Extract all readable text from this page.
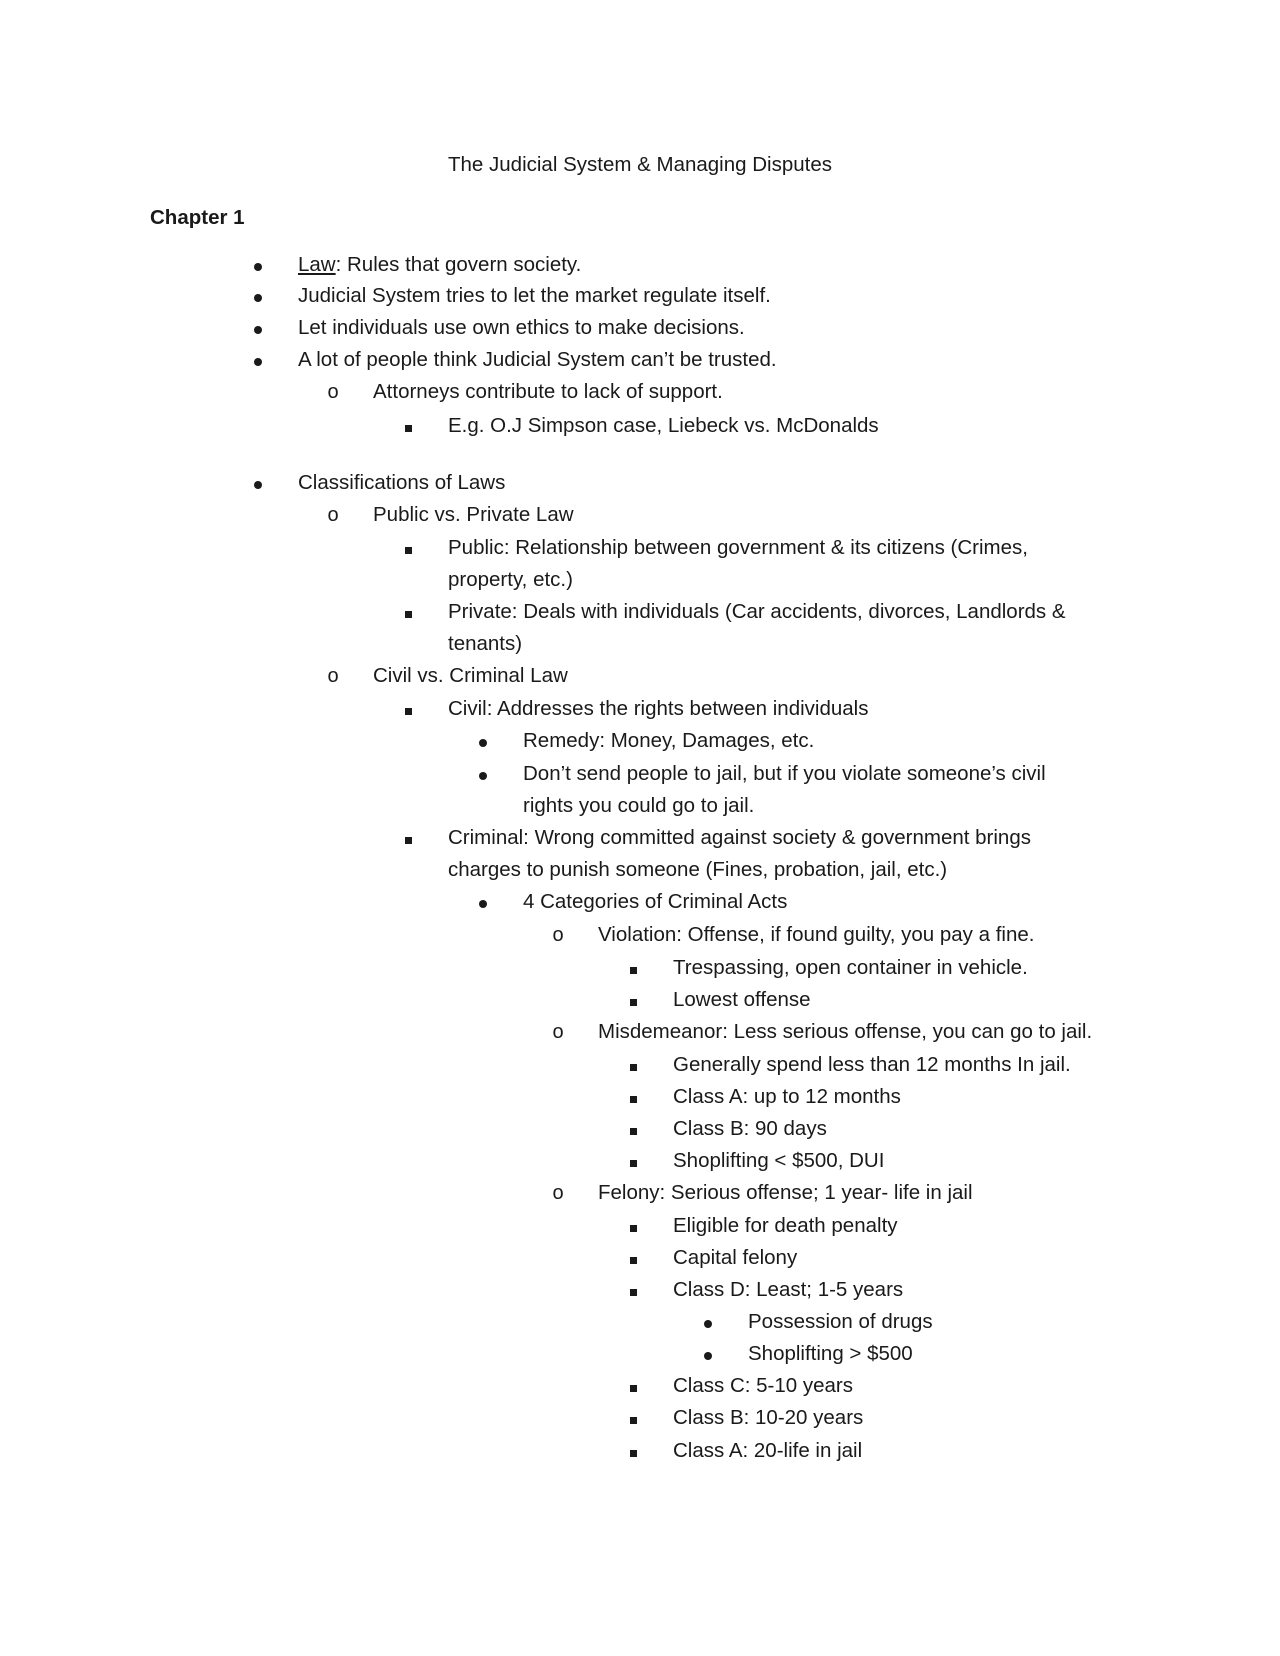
The Judicial System & Managing Disputes
Chapter 1
Law: Rules that govern society.
Judicial System tries to let the market regulate itself.
Let individuals use own ethics to make decisions.
A lot of people think Judicial System can’t be trusted.
o Attorneys contribute to lack of support.
E.g. O.J Simpson case, Liebeck vs. McDonalds
Classifications of Laws
o Public vs. Private Law
Public: Relationship between government & its citizens (Crimes,
property, etc.)
Private: Deals with individuals (Car accidents, divorces, Landlords &
tenants)
o Civil vs. Criminal Law
Civil: Addresses the rights between individuals
Remedy: Money, Damages, etc.
Don’t send people to jail, but if you violate someone’s civil
rights you could go to jail.
Criminal: Wrong committed against society & government brings
charges to punish someone (Fines, probation, jail, etc.)
4 Categories of Criminal Acts
o Violation: Offense, if found guilty, you pay a fine.
Trespassing, open container in vehicle.
Lowest offense
o Misdemeanor: Less serious offense, you can go to jail.
Generally spend less than 12 months In jail.
Class A: up to 12 months
Class B: 90 days
Shoplifting < $500, DUI
o Felony: Serious offense; 1 year- life in jail
Eligible for death penalty
Capital felony
Class D: Least; 1-5 years
Possession of drugs
Shoplifting > $500
Class C: 5-10 years
Class B: 10-20 years
Class A: 20-life in jail
